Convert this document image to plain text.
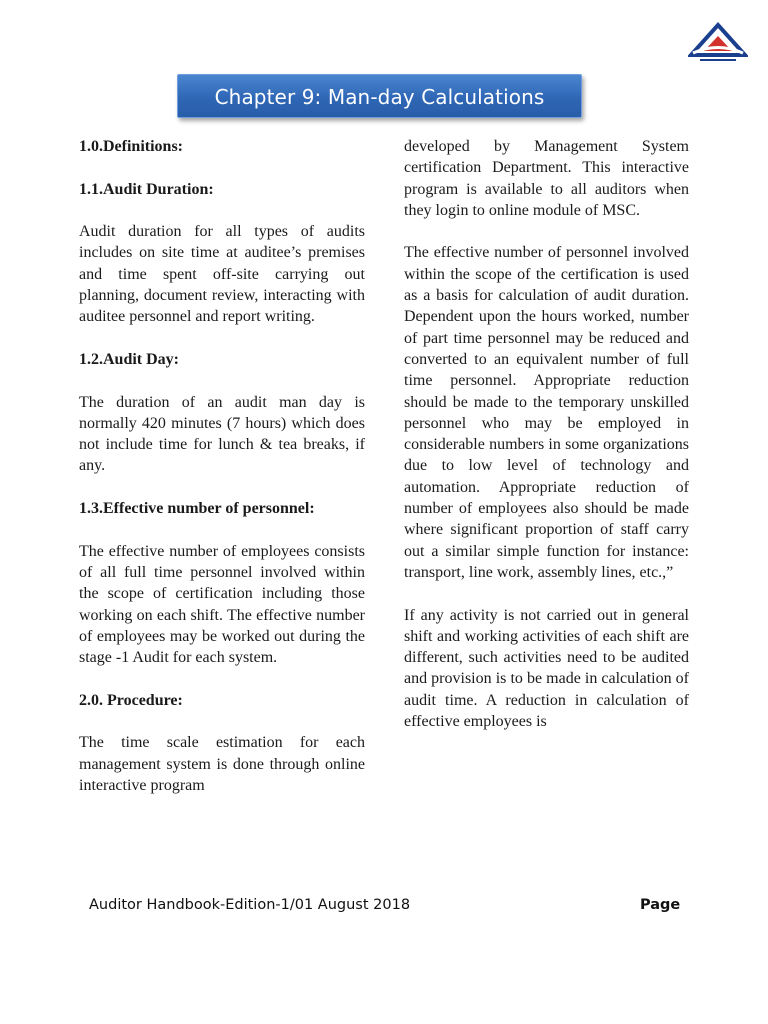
Chapter 9: Man-day Calculations
1.0.Definitions:
1.1.Audit Duration:

Audit duration for all types of audits includes on site time at auditee’s premises and time spent off-site carrying out planning, document review, interacting with auditee personnel and report writing.

1.2.Audit Day:

The duration of an audit man day is normally 420 minutes (7 hours) which does not include time for lunch & tea breaks, if any.

1.3.Effective number of personnel:

The effective number of employees consists of all full time personnel involved within the scope of certification including those working on each shift. The effective number of employees may be worked out during the stage -1 Audit for each system.

2.0. Procedure:

The time scale estimation for each management system is done through online interactive program

developed by Management System certification Department. This interactive program is available to all auditors when they login to online module of MSC.

The effective number of personnel involved within the scope of the certification is used as a basis for calculation of audit duration. Dependent upon the hours worked, number of part time personnel may be reduced and converted to an equivalent number of full time personnel. Appropriate reduction should be made to the temporary unskilled personnel who may be employed in considerable numbers in some organizations due to low level of technology and automation. Appropriate reduction of number of employees also should be made where significant proportion of staff carry out a similar simple function for instance: transport, line work, assembly lines, etc.,”

If any activity is not carried out in general shift and working activities of each shift are different, such activities need to be audited and provision is to be made in calculation of audit time. A reduction in calculation of effective employees is

Auditor Handbook-Edition-1/01 August 2018	Page
